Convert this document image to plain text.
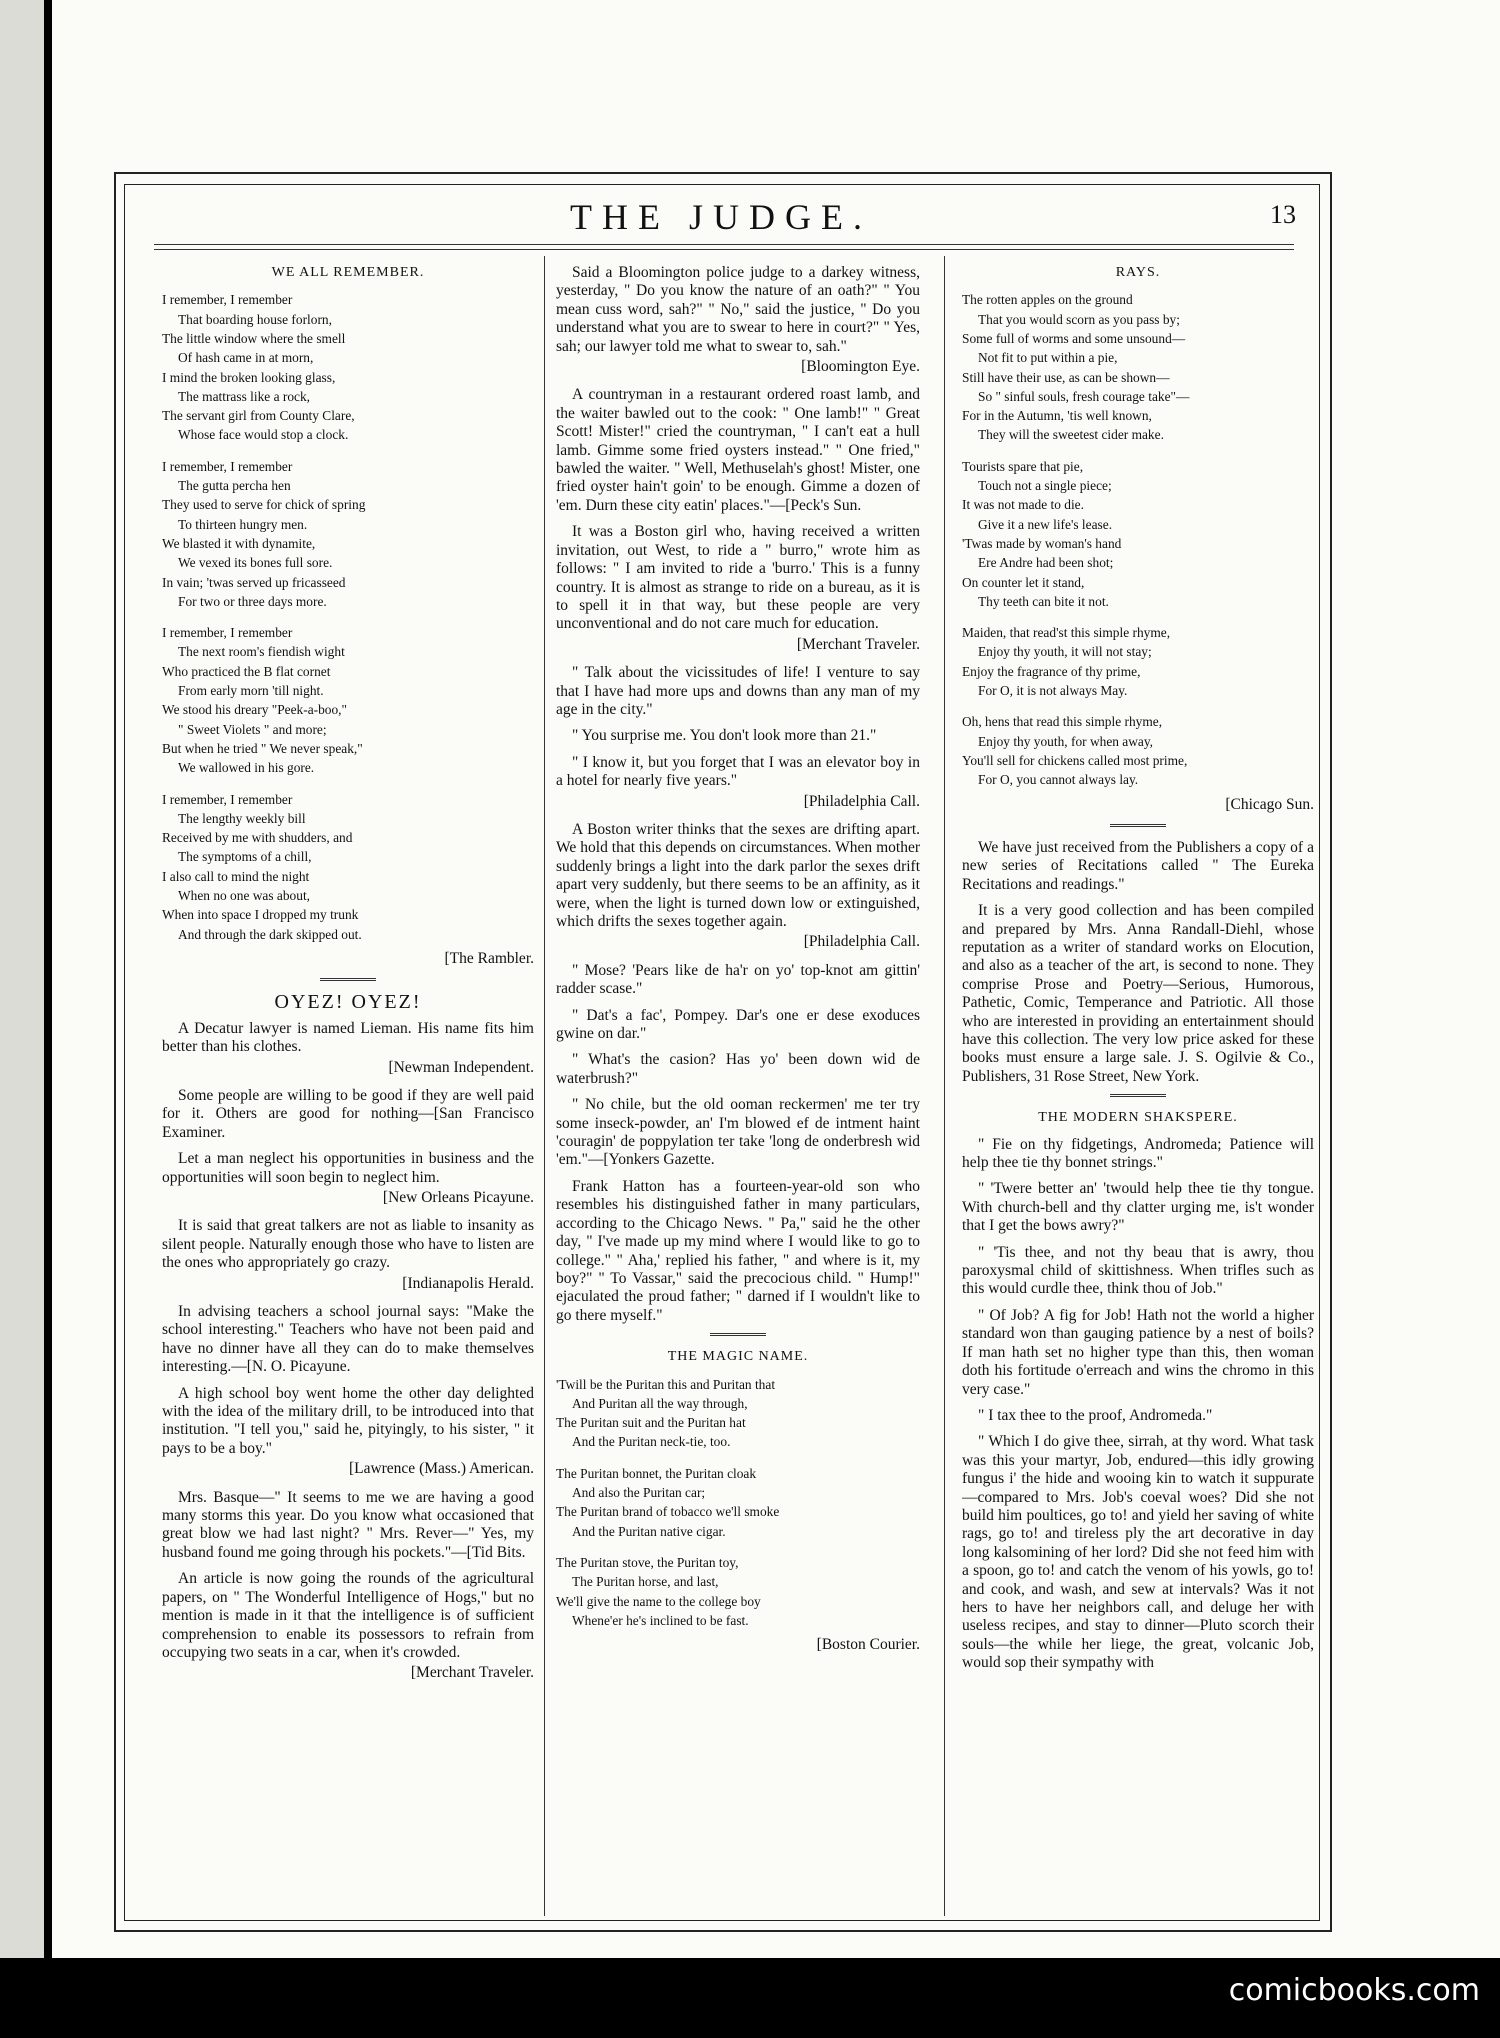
THE JUDGE.	13
WE ALL REMEMBER.

I remember, I remember

That boarding house forlorn,

The little window where the smell

Of hash came in at morn,

I mind the broken looking glass,

The mattrass like a rock,

The servant girl from County Clare,

Whose face would stop a clock.

I remember, I remember

The gutta percha hen

They used to serve for chick of spring

To thirteen hungry men.

We blasted it with dynamite,

We vexed its bones full sore.

In vain; 'twas served up fricasseed

For two or three days more.

I remember, I remember

The next room's fiendish wight

Who practiced the B flat cornet

From early morn 'till night.

We stood his dreary "Peek-a-boo,"

" Sweet Violets " and more;

But when he tried " We never speak,"

We wallowed in his gore.

I remember, I remember

The lengthy weekly bill

Received by me with shudders, and

The symptoms of a chill,

I also call to mind the night

When no one was about,

When into space I dropped my trunk

And through the dark skipped out.

[The Rambler.
OYEZ! OYEZ!

A Decatur lawyer is named Lieman. His name fits him better than his clothes.

[Newman Independent.

Some people are willing to be good if they are well paid for it. Others are good for nothing—[San Francisco Examiner.

Let a man neglect his opportunities in business and the opportunities will soon begin to neglect him.

[New Orleans Picayune.

It is said that great talkers are not as liable to insanity as silent people. Naturally enough those who have to listen are the ones who appropriately go crazy.

[Indianapolis Herald.

In advising teachers a school journal says: "Make the school interesting." Teachers who have not been paid and have no dinner have all they can do to make themselves interesting.—[N. O. Picayune.

A high school boy went home the other day delighted with the idea of the military drill, to be introduced into that institution. "I tell you," said he, pityingly, to his sister, " it pays to be a boy."

[Lawrence (Mass.) American.

Mrs. Basque—" It seems to me we are having a good many storms this year. Do you know what occasioned that great blow we had last night? " Mrs. Rever—" Yes, my husband found me going through his pockets."—[Tid Bits.

An article is now going the rounds of the agricultural papers, on " The Wonderful Intelligence of Hogs," but no mention is made in it that the intelligence is of sufficient comprehension to enable its possessors to refrain from occupying two seats in a car, when it's crowded.

[Merchant Traveler.

Said a Bloomington police judge to a darkey witness, yesterday, " Do you know the nature of an oath?" " You mean cuss word, sah?" " No," said the justice, " Do you understand what you are to swear to here in court?" " Yes, sah; our lawyer told me what to swear to, sah."

[Bloomington Eye.

A countryman in a restaurant ordered roast lamb, and the waiter bawled out to the cook: " One lamb!" " Great Scott! Mister!" cried the countryman, " I can't eat a hull lamb. Gimme some fried oysters instead." " One fried," bawled the waiter. " Well, Methuselah's ghost! Mister, one fried oyster hain't goin' to be enough. Gimme a dozen of 'em. Durn these city eatin' places."—[Peck's Sun.

It was a Boston girl who, having received a written invitation, out West, to ride a " burro," wrote him as follows: " I am invited to ride a 'burro.' This is a funny country. It is almost as strange to ride on a bureau, as it is to spell it in that way, but these people are very unconventional and do not care much for education.

[Merchant Traveler.

" Talk about the vicissitudes of life! I venture to say that I have had more ups and downs than any man of my age in the city."

" You surprise me. You don't look more than 21."

" I know it, but you forget that I was an elevator boy in a hotel for nearly five years."

[Philadelphia Call.

A Boston writer thinks that the sexes are drifting apart. We hold that this depends on circumstances. When mother suddenly brings a light into the dark parlor the sexes drift apart very suddenly, but there seems to be an affinity, as it were, when the light is turned down low or extinguished, which drifts the sexes together again.

[Philadelphia Call.

" Mose? 'Pears like de ha'r on yo' top-knot am gittin' radder scase."

" Dat's a fac', Pompey. Dar's one er dese exoduces gwine on dar."

" What's the casion? Has yo' been down wid de waterbrush?"

" No chile, but the old ooman reckermen' me ter try some inseck-powder, an' I'm blowed ef de intment haint 'couragin' de poppylation ter take 'long de onderbresh wid 'em."—[Yonkers Gazette.

Frank Hatton has a fourteen-year-old son who resembles his distinguished father in many particulars, according to the Chicago News. " Pa," said he the other day, " I've made up my mind where I would like to go to college." " Aha,' replied his father, " and where is it, my boy?" " To Vassar," said the precocious child. " Hump!" ejaculated the proud father; " darned if I wouldn't like to go there myself."

THE MAGIC NAME.

'Twill be the Puritan this and Puritan that

And Puritan all the way through,

The Puritan suit and the Puritan hat

And the Puritan neck-tie, too.

The Puritan bonnet, the Puritan cloak

And also the Puritan car;

The Puritan brand of tobacco we'll smoke

And the Puritan native cigar.

The Puritan stove, the Puritan toy,

The Puritan horse, and last,

We'll give the name to the college boy

Whene'er he's inclined to be fast.

[Boston Courier.
RAYS.

The rotten apples on the ground

That you would scorn as you pass by;

Some full of worms and some unsound—

Not fit to put within a pie,

Still have their use, as can be shown—

So " sinful souls, fresh courage take"—

For in the Autumn, 'tis well known,

They will the sweetest cider make.

Tourists spare that pie,

Touch not a single piece;

It was not made to die.

Give it a new life's lease.

'Twas made by woman's hand

Ere Andre had been shot;

On counter let it stand,

Thy teeth can bite it not.

Maiden, that read'st this simple rhyme,

Enjoy thy youth, it will not stay;

Enjoy the fragrance of thy prime,

For O, it is not always May.

Oh, hens that read this simple rhyme,

Enjoy thy youth, for when away,

You'll sell for chickens called most prime,

For O, you cannot always lay.

[Chicago Sun.

We have just received from the Publishers a copy of a new series of Recitations called " The Eureka Recitations and readings."

It is a very good collection and has been compiled and prepared by Mrs. Anna Randall-Diehl, whose reputation as a writer of standard works on Elocution, and also as a teacher of the art, is second to none. They comprise Prose and Poetry—Serious, Humorous, Pathetic, Comic, Temperance and Patriotic. All those who are interested in providing an entertainment should have this collection. The very low price asked for these books must ensure a large sale. J. S. Ogilvie & Co., Publishers, 31 Rose Street, New York.

THE MODERN SHAKSPERE.

" Fie on thy fidgetings, Andromeda; Patience will help thee tie thy bonnet strings."

" 'Twere better an' 'twould help thee tie thy tongue. With church-bell and thy clatter urging me, is't wonder that I get the bows awry?"

" 'Tis thee, and not thy beau that is awry, thou paroxysmal child of skittishness. When trifles such as this would curdle thee, think thou of Job."

" Of Job? A fig for Job! Hath not the world a higher standard won than gauging patience by a nest of boils? If man hath set no higher type than this, then woman doth his fortitude o'erreach and wins the chromo in this very case."

" I tax thee to the proof, Andromeda."

" Which I do give thee, sirrah, at thy word. What task was this your martyr, Job, endured—this idly growing fungus i' the hide and wooing kin to watch it suppurate—compared to Mrs. Job's coeval woes? Did she not build him poultices, go to! and yield her saving of white rags, go to! and tireless ply the art decorative in day long kalsomining of her lord? Did she not feed him with a spoon, go to! and catch the venom of his yowls, go to! and cook, and wash, and sew at intervals? Was it not hers to have her neighbors call, and deluge her with useless recipes, and stay to dinner—Pluto scorch their souls—the while her liege, the great, volcanic Job, would sop their sympathy with

comicbooks.com
